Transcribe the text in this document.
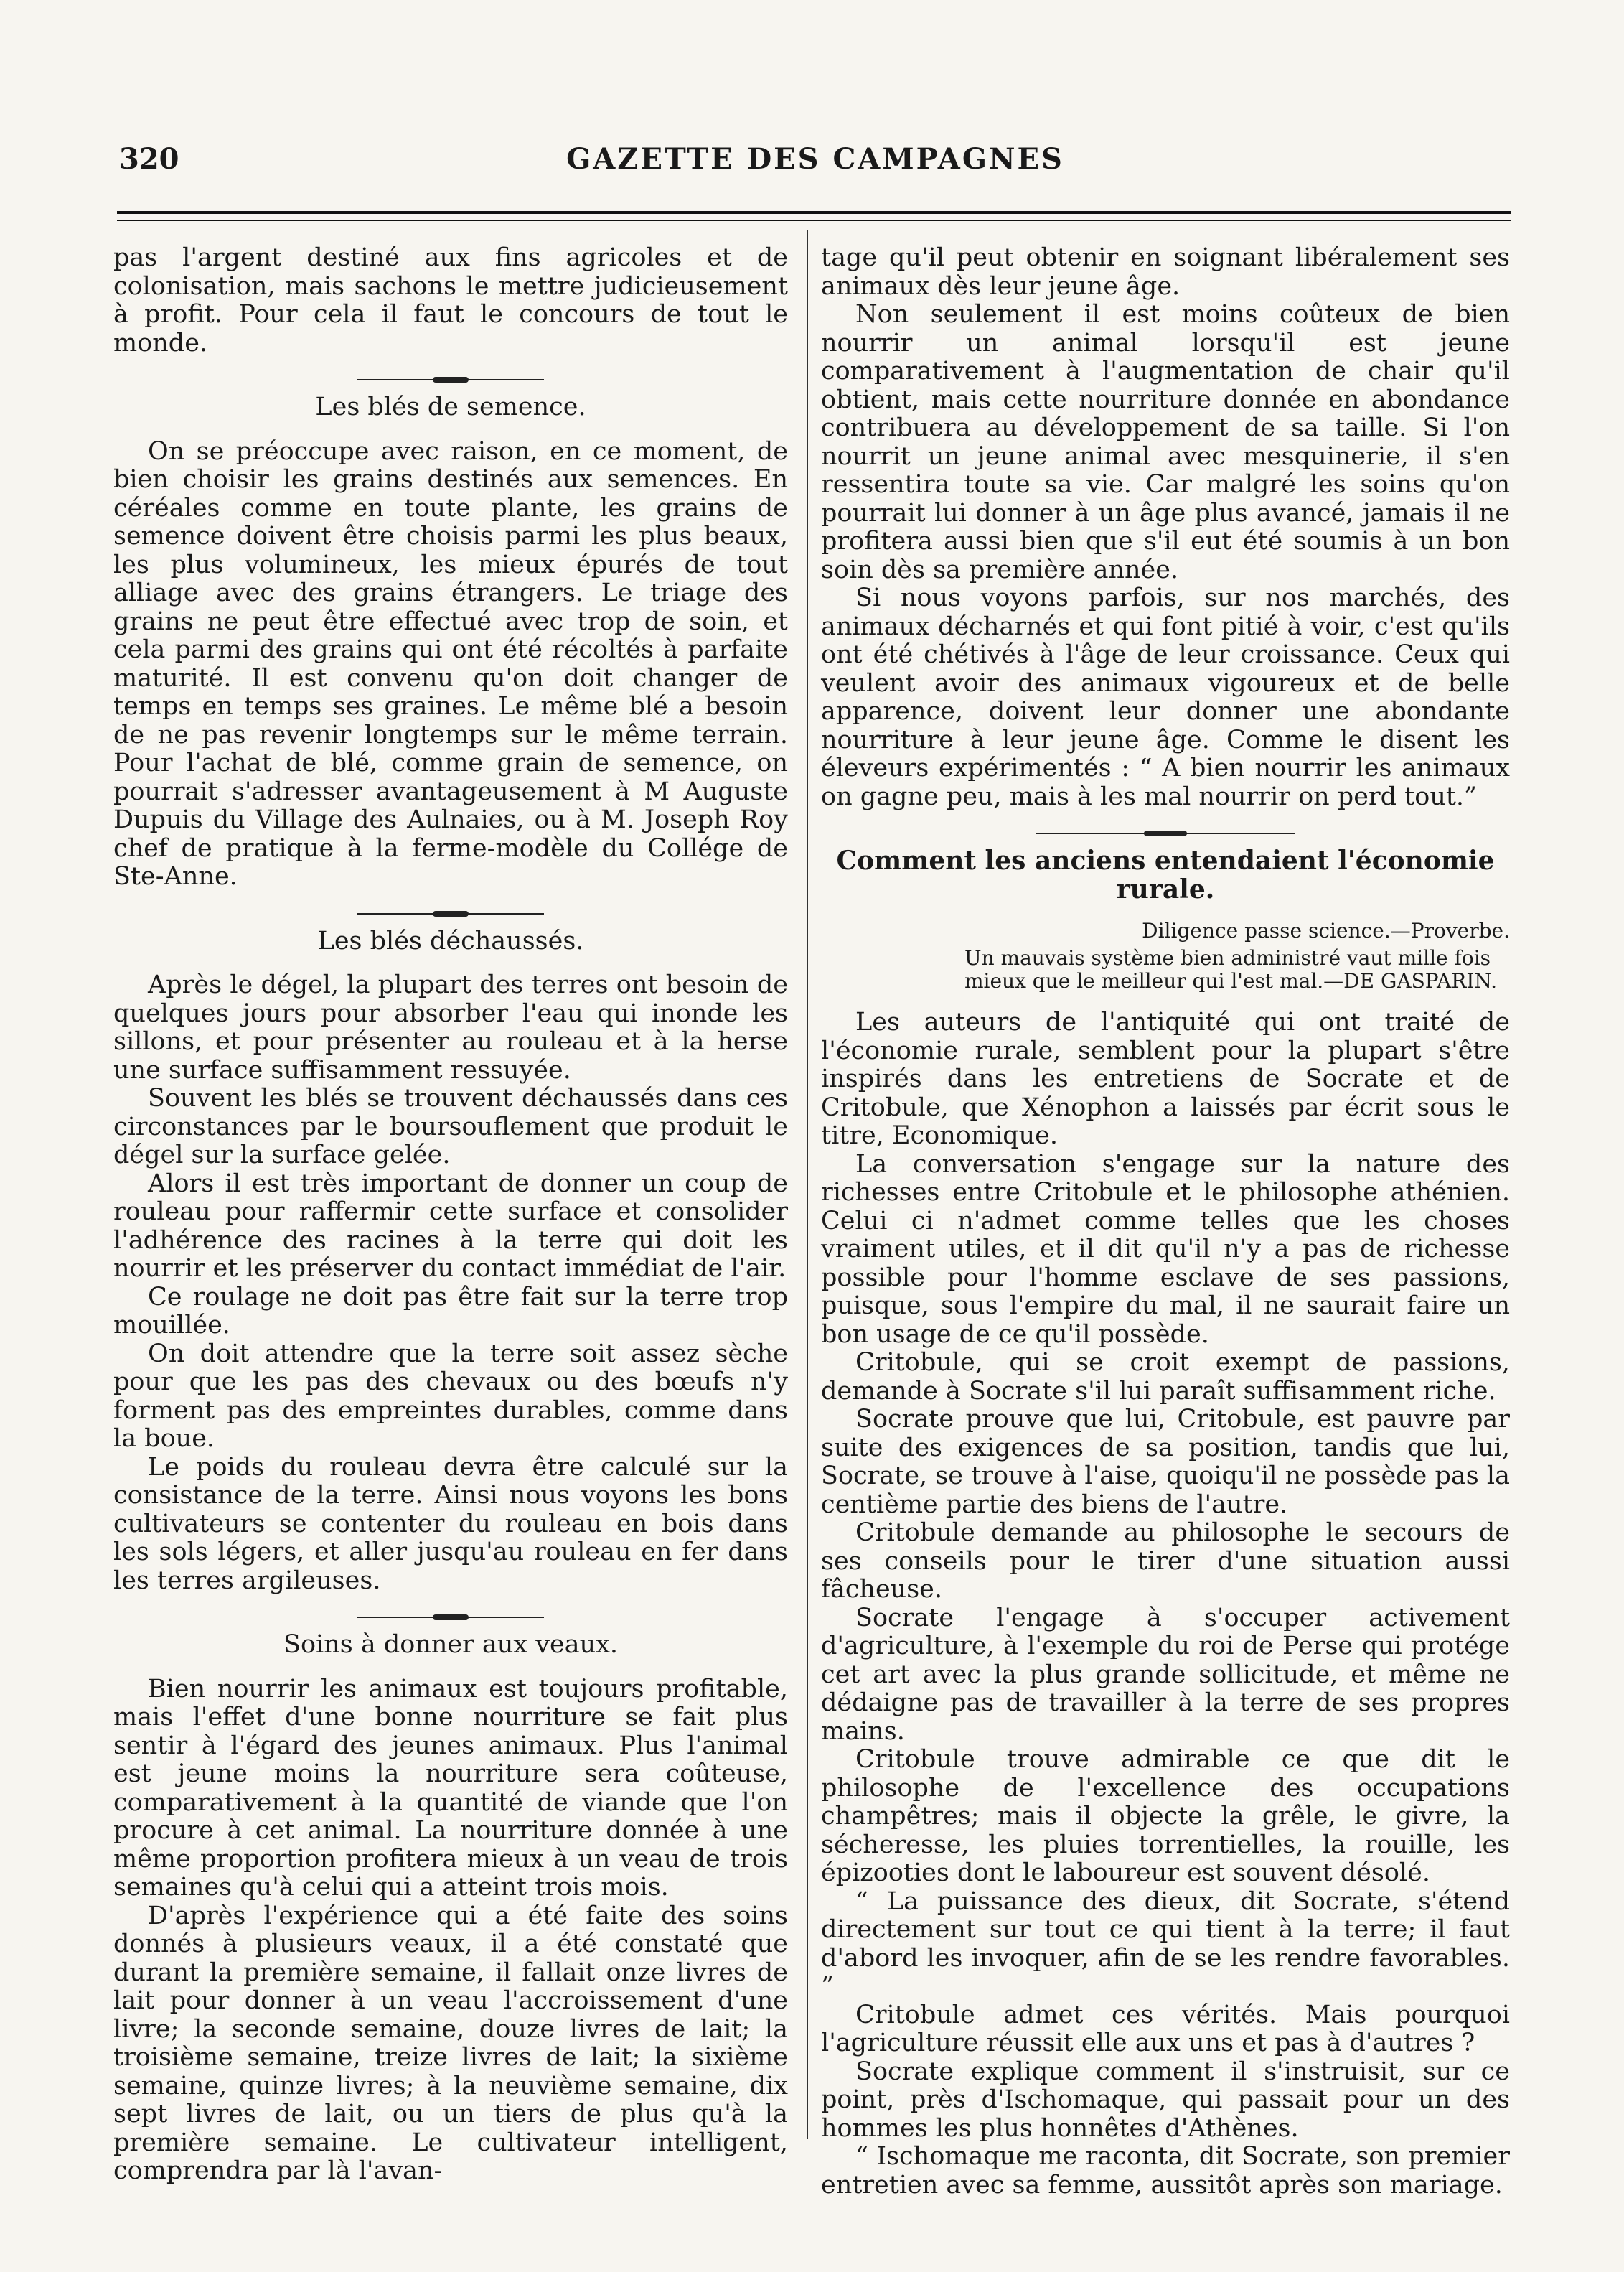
320	GAZETTE DES CAMPAGNES

pas l'argent destiné aux fins agricoles et de colonisation, mais sachons le mettre judicieusement à profit. Pour cela il faut le concours de tout le monde.

Les blés de semence.

On se préoccupe avec raison, en ce moment, de bien choisir les grains destinés aux semences. En céréales comme en toute plante, les grains de semence doivent être choisis parmi les plus beaux, les plus volumineux, les mieux épurés de tout alliage avec des grains étrangers. Le triage des grains ne peut être effectué avec trop de soin, et cela parmi des grains qui ont été récoltés à parfaite maturité. Il est convenu qu'on doit changer de temps en temps ses graines. Le même blé a besoin de ne pas revenir longtemps sur le même terrain. Pour l'achat de blé, comme grain de semence, on pourrait s'adresser avantageusement à M Auguste Dupuis du Village des Aulnaies, ou à M. Joseph Roy chef de pratique à la ferme-modèle du Collége de Ste-Anne.

Les blés déchaussés.

Après le dégel, la plupart des terres ont besoin de quelques jours pour absorber l'eau qui inonde les sillons, et pour présenter au rouleau et à la herse une surface suffisamment ressuyée.

Souvent les blés se trouvent déchaussés dans ces circonstances par le boursouflement que produit le dégel sur la surface gelée.

Alors il est très important de donner un coup de rouleau pour raffermir cette surface et consolider l'adhérence des racines à la terre qui doit les nourrir et les préserver du contact immédiat de l'air.

Ce roulage ne doit pas être fait sur la terre trop mouillée.

On doit attendre que la terre soit assez sèche pour que les pas des chevaux ou des bœufs n'y forment pas des empreintes durables, comme dans la boue.

Le poids du rouleau devra être calculé sur la consistance de la terre. Ainsi nous voyons les bons cultivateurs se contenter du rouleau en bois dans les sols légers, et aller jusqu'au rouleau en fer dans les terres argileuses.

Soins à donner aux veaux.

Bien nourrir les animaux est toujours profitable, mais l'effet d'une bonne nourriture se fait plus sentir à l'égard des jeunes animaux. Plus l'animal est jeune moins la nourriture sera coûteuse, comparativement à la quantité de viande que l'on procure à cet animal. La nourriture donnée à une même proportion profitera mieux à un veau de trois semaines qu'à celui qui a atteint trois mois.

D'après l'expérience qui a été faite des soins donnés à plusieurs veaux, il a été constaté que durant la première semaine, il fallait onze livres de lait pour donner à un veau l'accroissement d'une livre; la seconde semaine, douze livres de lait; la troisième semaine, treize livres de lait; la sixième semaine, quinze livres; à la neuvième semaine, dix sept livres de lait, ou un tiers de plus qu'à la première semaine. Le cultivateur intelligent, comprendra par là l'avan-

tage qu'il peut obtenir en soignant libéralement ses animaux dès leur jeune âge.

Non seulement il est moins coûteux de bien nourrir un animal lorsqu'il est jeune comparativement à l'augmentation de chair qu'il obtient, mais cette nourriture donnée en abondance contribuera au développement de sa taille. Si l'on nourrit un jeune animal avec mesquinerie, il s'en ressentira toute sa vie. Car malgré les soins qu'on pourrait lui donner à un âge plus avancé, jamais il ne profitera aussi bien que s'il eut été soumis à un bon soin dès sa première année.

Si nous voyons parfois, sur nos marchés, des animaux décharnés et qui font pitié à voir, c'est qu'ils ont été chétivés à l'âge de leur croissance. Ceux qui veulent avoir des animaux vigoureux et de belle apparence, doivent leur donner une abondante nourriture à leur jeune âge. Comme le disent les éleveurs expérimentés : “ A bien nourrir les animaux on gagne peu, mais à les mal nourrir on perd tout.”

Comment les anciens entendaient l'économie rurale.
Diligence passe science.—Proverbe.
Un mauvais système bien administré vaut mille fois mieux que le meilleur qui l'est mal.—DE GASPARIN.

Les auteurs de l'antiquité qui ont traité de l'économie rurale, semblent pour la plupart s'être inspirés dans les entretiens de Socrate et de Critobule, que Xénophon a laissés par écrit sous le titre, Economique.

La conversation s'engage sur la nature des richesses entre Critobule et le philosophe athénien. Celui ci n'admet comme telles que les choses vraiment utiles, et il dit qu'il n'y a pas de richesse possible pour l'homme esclave de ses passions, puisque, sous l'empire du mal, il ne saurait faire un bon usage de ce qu'il possède.

Critobule, qui se croit exempt de passions, demande à Socrate s'il lui paraît suffisamment riche.

Socrate prouve que lui, Critobule, est pauvre par suite des exigences de sa position, tandis que lui, Socrate, se trouve à l'aise, quoiqu'il ne possède pas la centième partie des biens de l'autre.

Critobule demande au philosophe le secours de ses conseils pour le tirer d'une situation aussi fâcheuse.

Socrate l'engage à s'occuper activement d'agriculture, à l'exemple du roi de Perse qui protége cet art avec la plus grande sollicitude, et même ne dédaigne pas de travailler à la terre de ses propres mains.

Critobule trouve admirable ce que dit le philosophe de l'excellence des occupations champêtres; mais il objecte la grêle, le givre, la sécheresse, les pluies torrentielles, la rouille, les épizooties dont le laboureur est souvent désolé.

“ La puissance des dieux, dit Socrate, s'étend directement sur tout ce qui tient à la terre; il faut d'abord les invoquer, afin de se les rendre favorables. ”

Critobule admet ces vérités. Mais pourquoi l'agriculture réussit elle aux uns et pas à d'autres ?

Socrate explique comment il s'instruisit, sur ce point, près d'Ischomaque, qui passait pour un des hommes les plus honnêtes d'Athènes.

“ Ischomaque me raconta, dit Socrate, son premier entretien avec sa femme, aussitôt après son mariage.
